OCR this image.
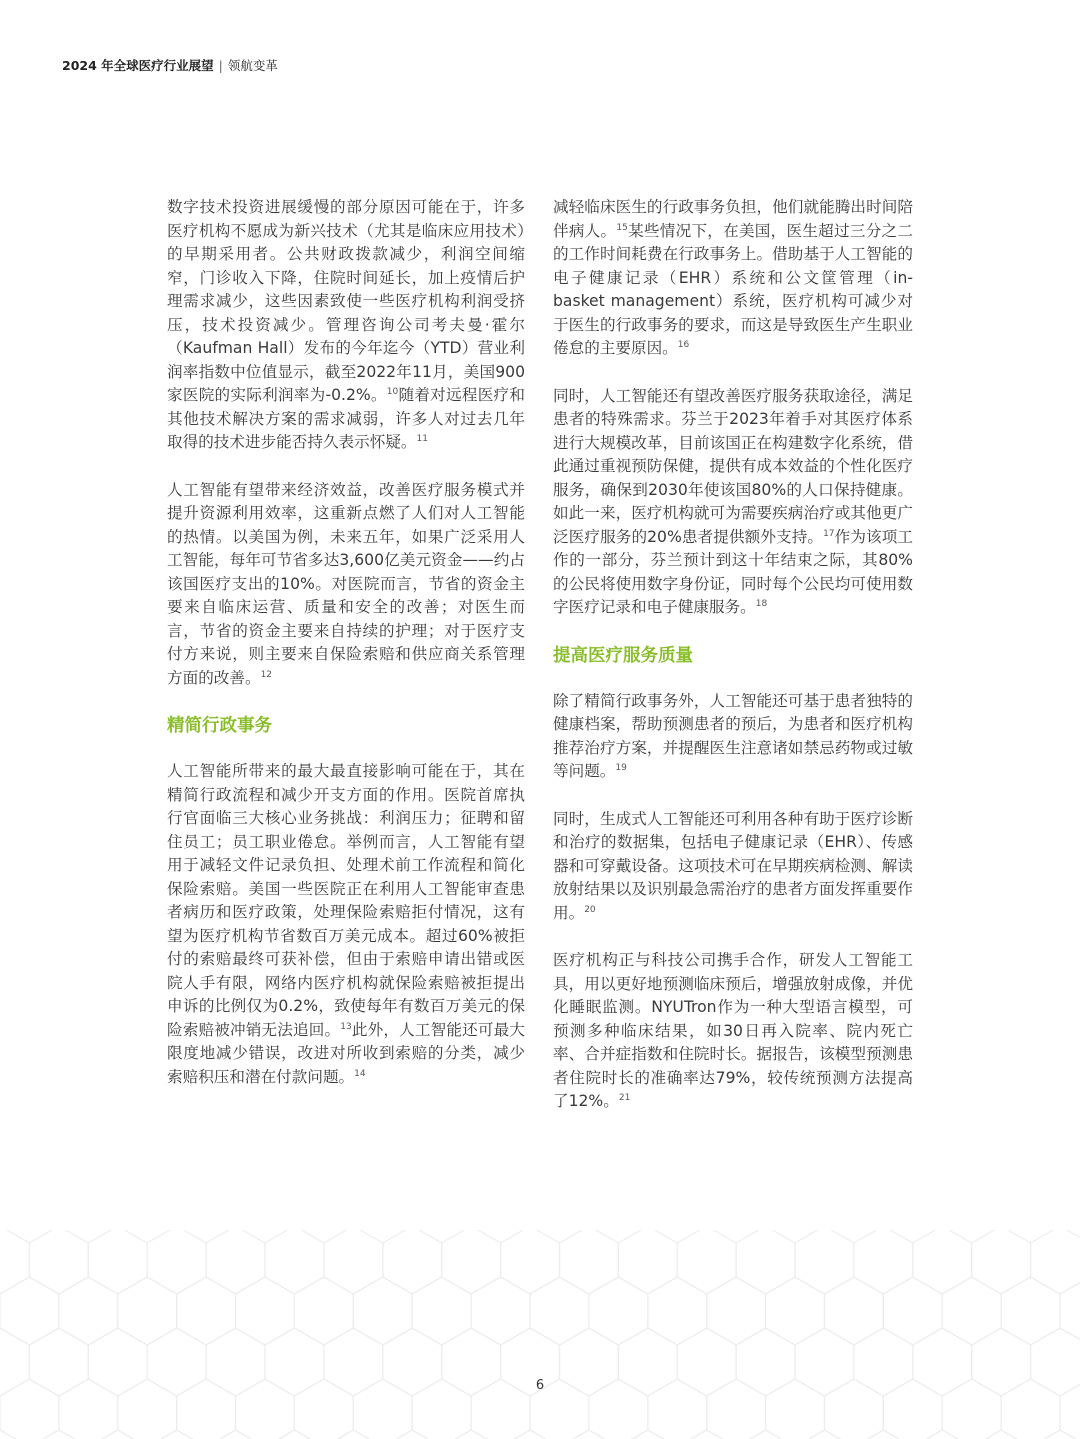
2024 年全球医疗行业展望 | 领航变革

数字技术投资进展缓慢的部分原因可能在于，许多医疗机构不愿成为新兴技术（尤其是临床应用技术）的早期采用者。公共财政拨款减少，利润空间缩窄，门诊收入下降，住院时间延长，加上疫情后护理需求减少，这些因素致使一些医疗机构利润受挤压，技术投资减少。管理咨询公司考夫曼·霍尔（Kaufman Hall）发布的今年迄今（YTD）营业利润率指数中位值显示，截至2022年11月，美国900家医院的实际利润率为-0.2%。$^{10}$随着对远程医疗和其他技术解决方案的需求减弱，许多人对过去几年取得的技术进步能否持久表示怀疑。$^{11}$

人工智能有望带来经济效益，改善医疗服务模式并提升资源利用效率，这重新点燃了人们对人工智能的热情。以美国为例，未来五年，如果广泛采用人工智能，每年可节省多达3,600亿美元资金——约占该国医疗支出的10%。对医院而言，节省的资金主要来自临床运营、质量和安全的改善；对医生而言，节省的资金主要来自持续的护理；对于医疗支付方来说，则主要来自保险索赔和供应商关系管理方面的改善。$^{12}$

精简行政事务

人工智能所带来的最大最直接影响可能在于，其在精简行政流程和减少开支方面的作用。医院首席执行官面临三大核心业务挑战：利润压力；征聘和留住员工；员工职业倦怠。举例而言，人工智能有望用于减轻文件记录负担、处理术前工作流程和简化保险索赔。美国一些医院正在利用人工智能审查患者病历和医疗政策，处理保险索赔拒付情况，这有望为医疗机构节省数百万美元成本。超过60%被拒付的索赔最终可获补偿，但由于索赔申请出错或医院人手有限，网络内医疗机构就保险索赔被拒提出申诉的比例仅为0.2%，致使每年有数百万美元的保险索赔被冲销无法追回。$^{13}$此外，人工智能还可最大限度地减少错误，改进对所收到索赔的分类，减少索赔积压和潜在付款问题。$^{14}$

减轻临床医生的行政事务负担，他们就能腾出时间陪伴病人。$^{15}$某些情况下，在美国，医生超过三分之二的工作时间耗费在行政事务上。借助基于人工智能的电子健康记录（EHR）系统和公文筐管理（in-basket management）系统，医疗机构可减少对于医生的行政事务的要求，而这是导致医生产生职业倦怠的主要原因。$^{16}$

同时，人工智能还有望改善医疗服务获取途径，满足患者的特殊需求。芬兰于2023年着手对其医疗体系进行大规模改革，目前该国正在构建数字化系统，借此通过重视预防保健，提供有成本效益的个性化医疗服务，确保到2030年使该国80%的人口保持健康。如此一来，医疗机构就可为需要疾病治疗或其他更广泛医疗服务的20%患者提供额外支持。$^{17}$作为该项工作的一部分，芬兰预计到这十年结束之际，其80%的公民将使用数字身份证，同时每个公民均可使用数字医疗记录和电子健康服务。$^{18}$

提高医疗服务质量

除了精简行政事务外，人工智能还可基于患者独特的健康档案，帮助预测患者的预后，为患者和医疗机构推荐治疗方案，并提醒医生注意诸如禁忌药物或过敏等问题。$^{19}$

同时，生成式人工智能还可利用各种有助于医疗诊断和治疗的数据集，包括电子健康记录（EHR）、传感器和可穿戴设备。这项技术可在早期疾病检测、解读放射结果以及识别最急需治疗的患者方面发挥重要作用。$^{20}$

医疗机构正与科技公司携手合作，研发人工智能工具，用以更好地预测临床预后，增强放射成像，并优化睡眠监测。NYUTron作为一种大型语言模型，可预测多种临床结果，如30日再入院率、院内死亡率、合并症指数和住院时长。据报告，该模型预测患者住院时长的准确率达79%，较传统预测方法提高了12%。$^{21}$

6
